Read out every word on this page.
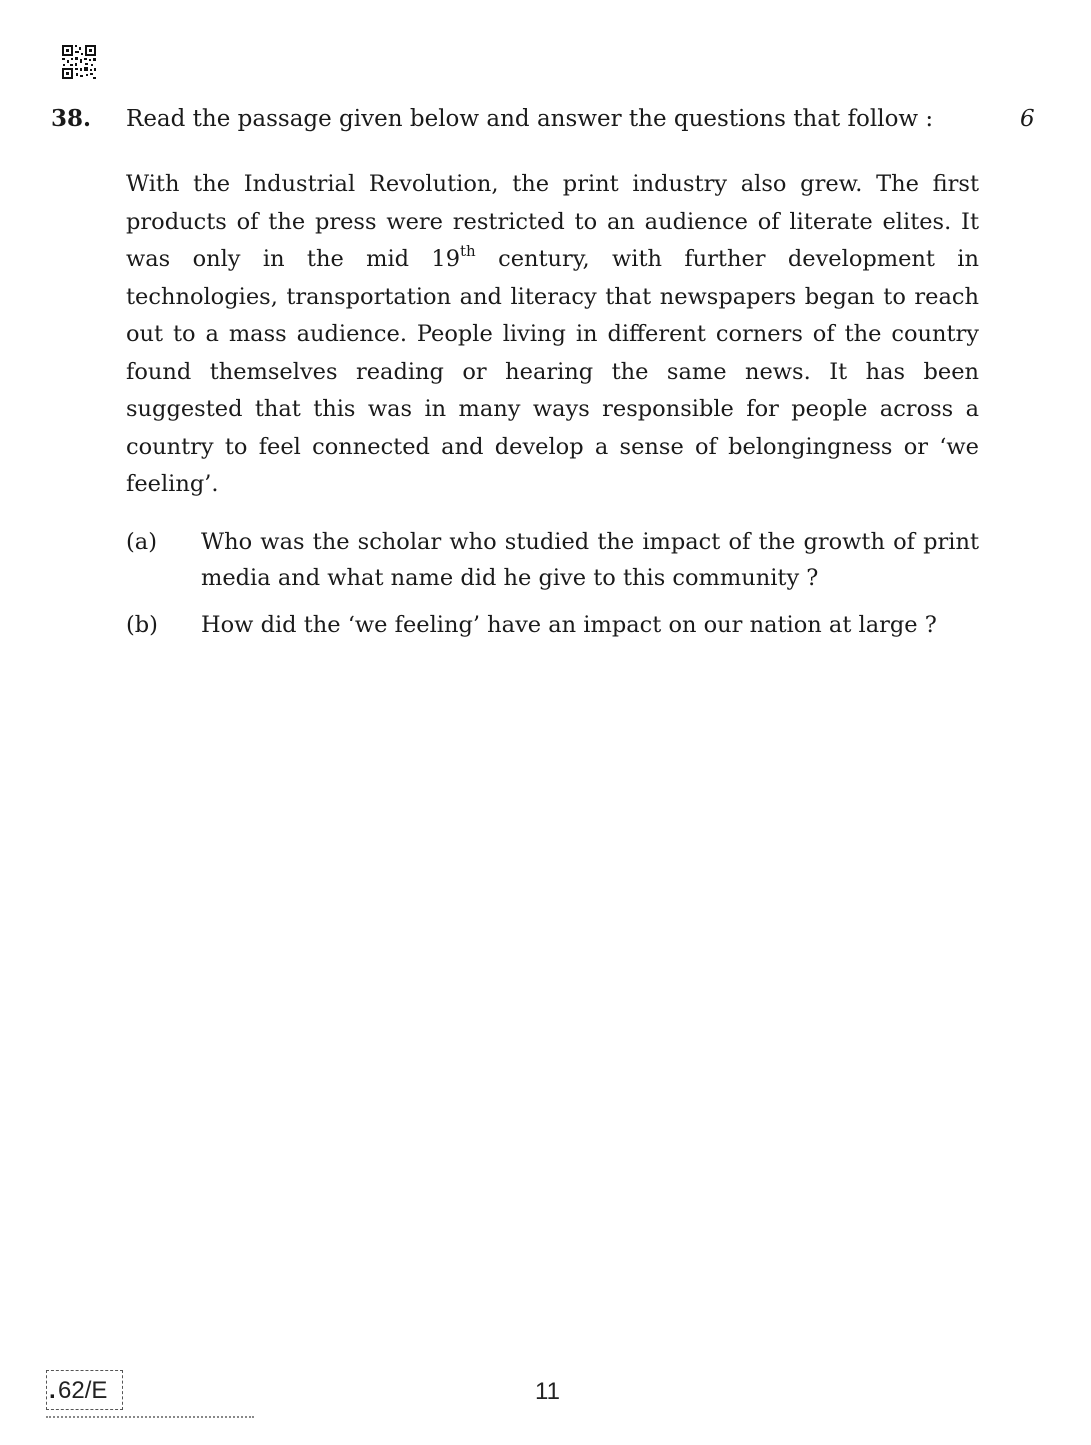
38. Read the passage given below and answer the questions that follow :	6

With the Industrial Revolution, the print industry also grew. The first products of the press were restricted to an audience of literate elites. It was only in the mid 19th century, with further development in technologies, transportation and literacy that newspapers began to reach out to a mass audience. People living in different corners of the country found themselves reading or hearing the same news. It has been suggested that this was in many ways responsible for people across a country to feel connected and develop a sense of belongingness or ‘we feeling’.

(a) Who was the scholar who studied the impact of the growth of print media and what name did he give to this community ?
(b) How did the ‘we feeling’ have an impact on our nation at large ?
. 62/E	11
